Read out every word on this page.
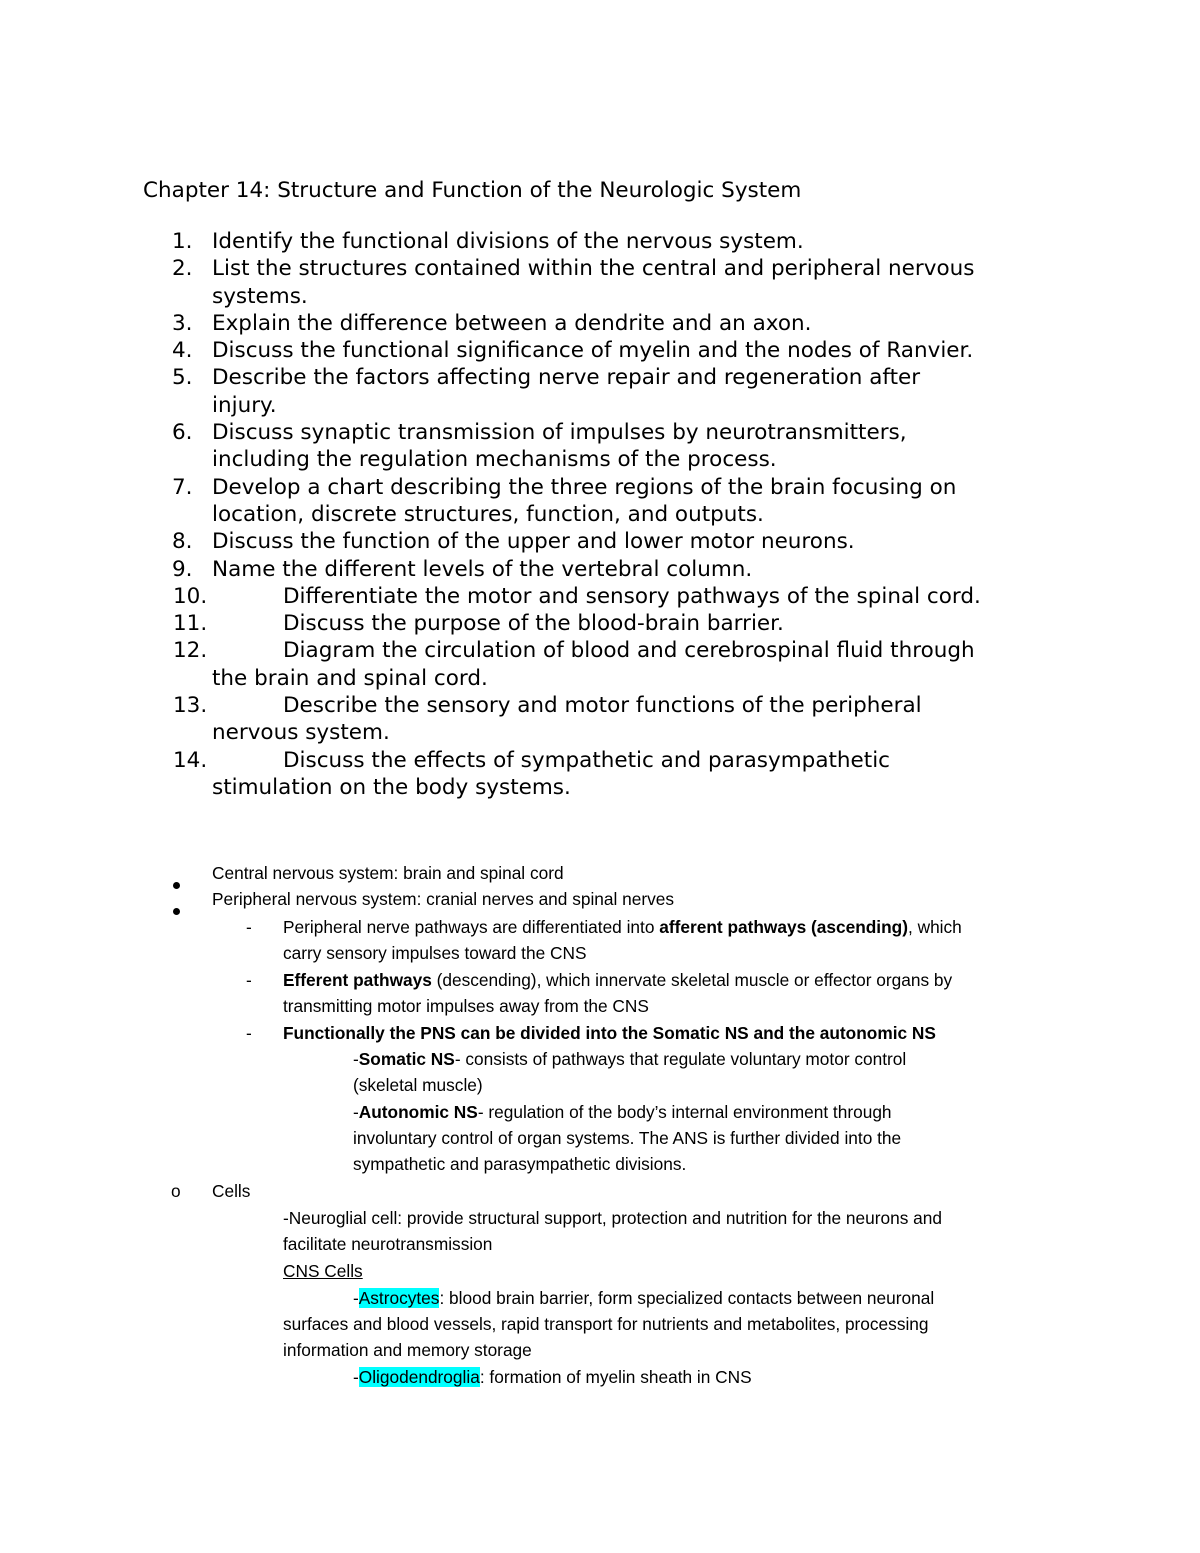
Chapter 14: Structure and Function of the Neurologic System
1. Identify the functional divisions of the nervous system.
2. List the structures contained within the central and peripheral nervous
systems.
3. Explain the difference between a dendrite and an axon.
4. Discuss the functional significance of myelin and the nodes of Ranvier.
5. Describe the factors affecting nerve repair and regeneration after
injury.
6. Discuss synaptic transmission of impulses by neurotransmitters,
including the regulation mechanisms of the process.
7. Develop a chart describing the three regions of the brain focusing on
location, discrete structures, function, and outputs.
8. Discuss the function of the upper and lower motor neurons.
9. Name the different levels of the vertebral column.
10.	Differentiate the motor and sensory pathways of the spinal cord.
11.	Discuss the purpose of the blood-brain barrier.
12.	Diagram the circulation of blood and cerebrospinal fluid through
the brain and spinal cord.
13.	Describe the sensory and motor functions of the peripheral
nervous system.
14.	Discuss the effects of sympathetic and parasympathetic
stimulation on the body systems.
Central nervous system: brain and spinal cord
Peripheral nervous system: cranial nerves and spinal nerves
- Peripheral nerve pathways are differentiated into afferent pathways (ascending), which
carry sensory impulses toward the CNS
- Efferent pathways (descending), which innervate skeletal muscle or effector organs by
transmitting motor impulses away from the CNS
- Functionally the PNS can be divided into the Somatic NS and the autonomic NS
-Somatic NS- consists of pathways that regulate voluntary motor control
(skeletal muscle)
-Autonomic NS- regulation of the body’s internal environment through
involuntary control of organ systems. The ANS is further divided into the
sympathetic and parasympathetic divisions.
o Cells
-Neuroglial cell: provide structural support, protection and nutrition for the neurons and
facilitate neurotransmission
CNS Cells
-Astrocytes: blood brain barrier, form specialized contacts between neuronal
surfaces and blood vessels, rapid transport for nutrients and metabolites, processing
information and memory storage
-Oligodendroglia: formation of myelin sheath in CNS
